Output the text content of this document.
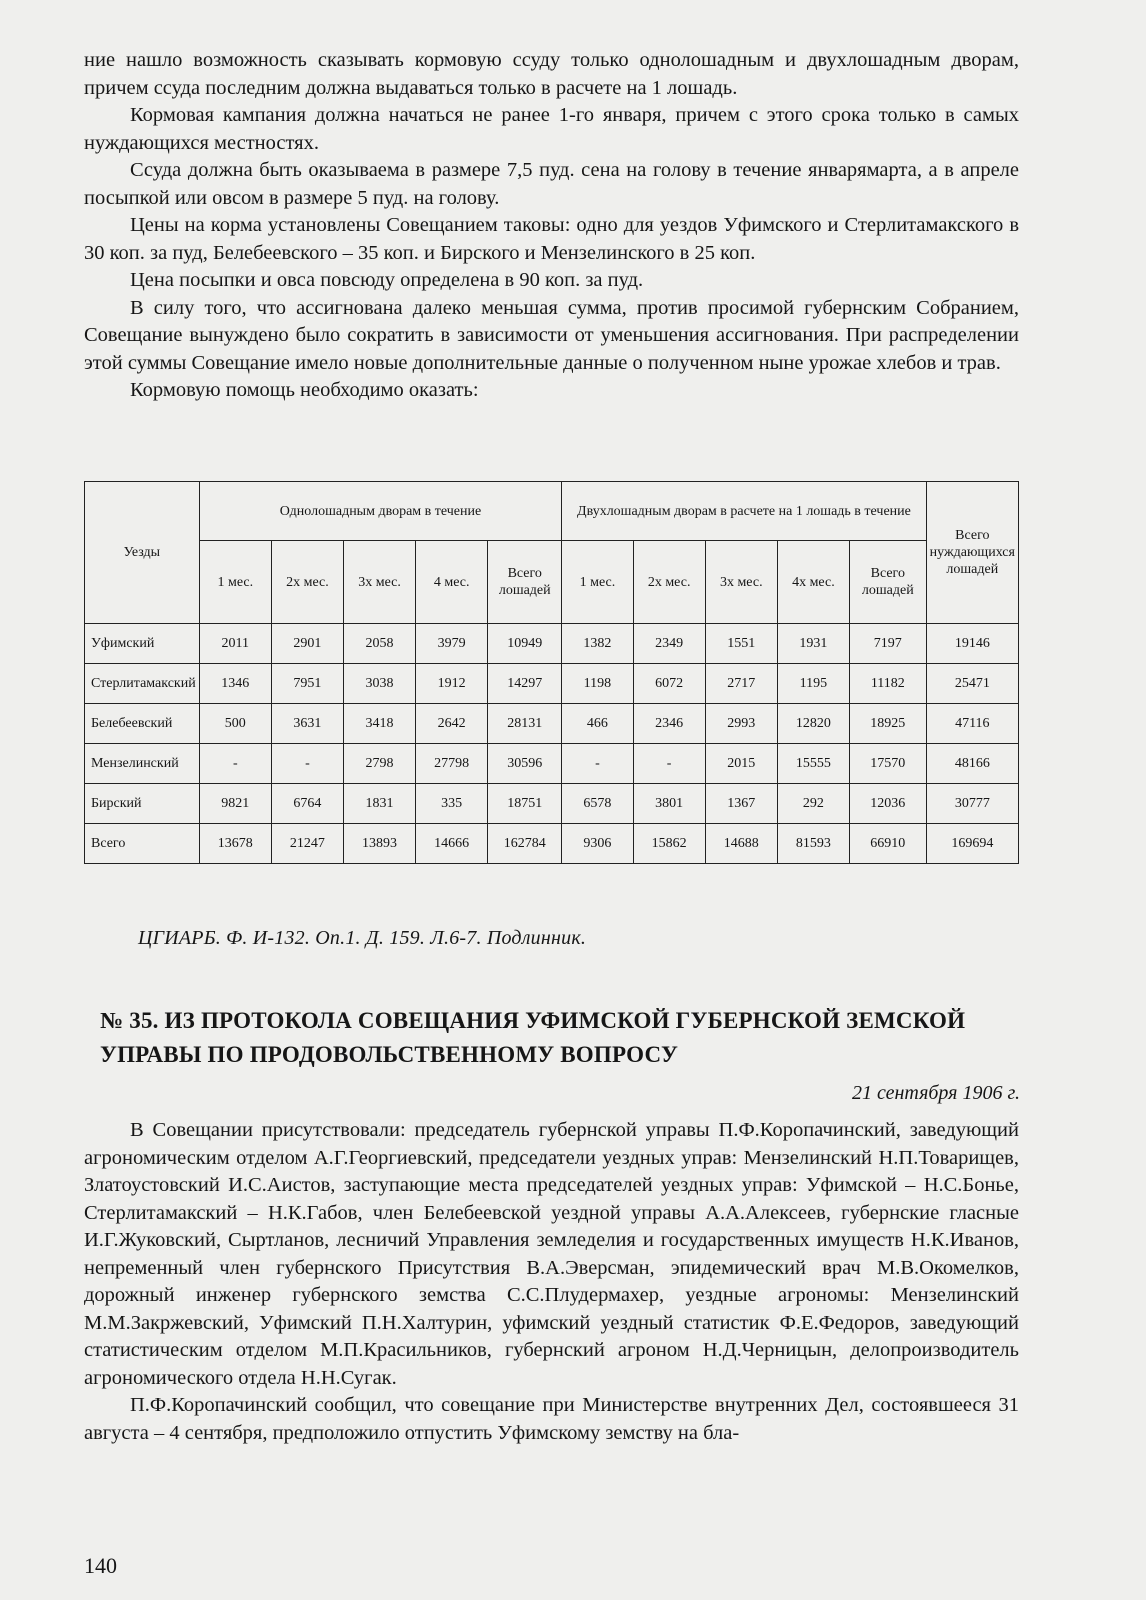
ние нашло возможность сказывать кормовую ссуду только однолошадным и двухлошадным дворам, причем ссуда последним должна выдаваться только в расчете на 1 лошадь.

Кормовая кампания должна начаться не ранее 1-го января, причем с этого срока только в самых нуждающихся местностях.

Ссуда должна быть оказываема в размере 7,5 пуд. сена на голову в течение январямарта, а в апреле посыпкой или овсом в размере 5 пуд. на голову.

Цены на корма установлены Совещанием таковы: одно для уездов Уфимского и Стерлитамакского в 30 коп. за пуд, Белебеевского – 35 коп. и Бирского и Мензелинского в 25 коп.

Цена посыпки и овса повсюду определена в 90 коп. за пуд.

В силу того, что ассигнована далеко меньшая сумма, против просимой губернским Собранием, Совещание вынуждено было сократить в зависимости от уменьшения ассигнования. При распределении этой суммы Совещание имело новые дополнительные данные о полученном ныне урожае хлебов и трав.

Кормовую помощь необходимо оказать:

Уезды	Однолошадным дворам в течение					Двухлошадным дворам в расчете на 1 лошадь в течение					Всего нуждающихся лошадей
	1 мес.	2х мес.	3х мес.	4 мес.	Всего лошадей	1 мес.	2х мес.	3х мес.	4х мес.	Всего лошадей	
Уфимский	2011	2901	2058	3979	10949	1382	2349	1551	1931	7197	19146
Стерлитамакский	1346	7951	3038	1912	14297	1198	6072	2717	1195	11182	25471
Белебеевский	500	3631	3418	2642	28131	466	2346	2993	12820	18925	47116
Мензелинский	-	-	2798	27798	30596	-	-	2015	15555	17570	48166
Бирский	9821	6764	1831	335	18751	6578	3801	1367	292	12036	30777
Всего	13678	21247	13893	14666	162784	9306	15862	14688	81593	66910	169694
ЦГИАРБ. Ф. И-132. Оп.1. Д. 159. Л.6-7. Подлинник.
№ 35. ИЗ ПРОТОКОЛА СОВЕЩАНИЯ УФИМСКОЙ ГУБЕРНСКОЙ ЗЕМСКОЙ УПРАВЫ ПО ПРОДОВОЛЬСТВЕННОМУ ВОПРОСУ
21 сентября 1906 г.

В Совещании присутствовали: председатель губернской управы П.Ф.Коропачинский, заведующий агрономическим отделом А.Г.Георгиевский, председатели уездных управ: Мензелинский Н.П.Товарищев, Златоустовский И.С.Аистов, заступающие места председателей уездных управ: Уфимской – Н.С.Бонье, Стерлитамакский – Н.К.Габов, член Белебеевской уездной управы А.А.Алексеев, губернские гласные И.Г.Жуковский, Сыртланов, лесничий Управления земледелия и государственных имуществ Н.К.Иванов, непременный член губернского Присутствия В.А.Эверсман, эпидемический врач М.В.Окомелков, дорожный инженер губернского земства С.С.Плудермахер, уездные агрономы: Мензелинский М.М.Закржевский, Уфимский П.Н.Халтурин, уфимский уездный статистик Ф.Е.Федоров, заведующий статистическим отделом М.П.Красильников, губернский агроном Н.Д.Черницын, делопроизводитель агрономического отдела Н.Н.Сугак.

П.Ф.Коропачинский сообщил, что совещание при Министерстве внутренних Дел, состоявшееся 31 августа – 4 сентября, предположило отпустить Уфимскому земству на бла-

140
